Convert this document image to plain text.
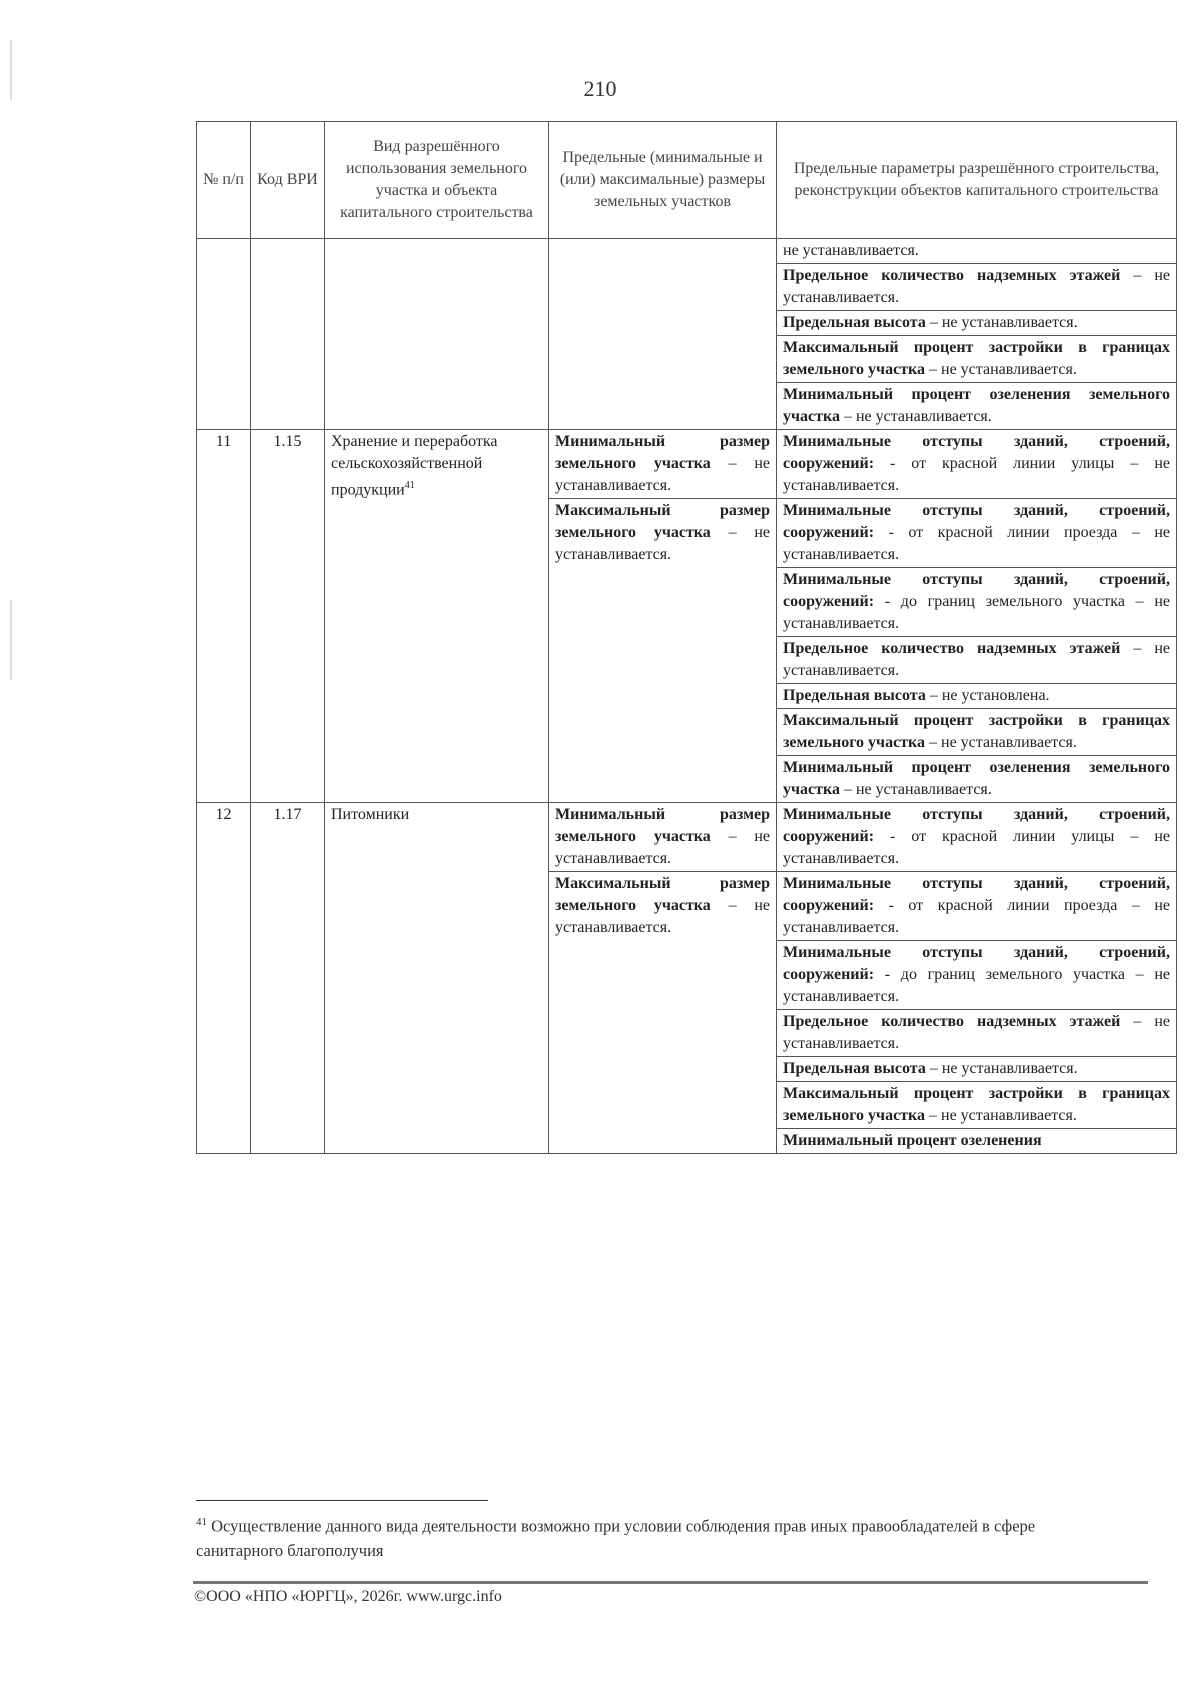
210
№ п/п	Код ВРИ	Вид разрешённого использования земельного участка и объекта капитального строительства	Предельные (минимальные и (или) максимальные) размеры земельных участков	Предельные параметры разрешённого строительства, реконструкции объектов капитального строительства
				не устанавливается.
				Предельное количество надземных этажей – не устанавливается.
				Предельная высота – не устанавливается.
				Максимальный процент застройки в границах земельного участка – не устанавливается.
				Минимальный процент озеленения земельного участка – не устанавливается.
11	1.15	Хранение и переработка сельскохозяйственной продукции$^{41}$	Минимальный размер земельного участка – не устанавливается.	Минимальные отступы зданий, строений, сооружений: - от красной линии улицы – не устанавливается.
			Максимальный размер земельного участка – не устанавливается.	Минимальные отступы зданий, строений, сооружений: - от красной линии проезда – не устанавливается.
				Минимальные отступы зданий, строений, сооружений: - до границ земельного участка – не устанавливается.
				Предельное количество надземных этажей – не устанавливается.
				Предельная высота – не установлена.
				Максимальный процент застройки в границах земельного участка – не устанавливается.
				Минимальный процент озеленения земельного участка – не устанавливается.
12	1.17	Питомники	Минимальный размер земельного участка – не устанавливается.	Минимальные отступы зданий, строений, сооружений: - от красной линии улицы – не устанавливается.
			Максимальный размер земельного участка – не устанавливается.	Минимальные отступы зданий, строений, сооружений: - от красной линии проезда – не устанавливается.
				Минимальные отступы зданий, строений, сооружений: - до границ земельного участка – не устанавливается.
				Предельное количество надземных этажей – не устанавливается.
				Предельная высота – не устанавливается.
				Максимальный процент застройки в границах земельного участка – не устанавливается.
				Минимальный процент озеленения
$^{41}$ Осуществление данного вида деятельности возможно при условии соблюдения прав иных правообладателей в сфере санитарного благополучия
©ООО «НПО «ЮРГЦ», 2026г. www.urgc.info
